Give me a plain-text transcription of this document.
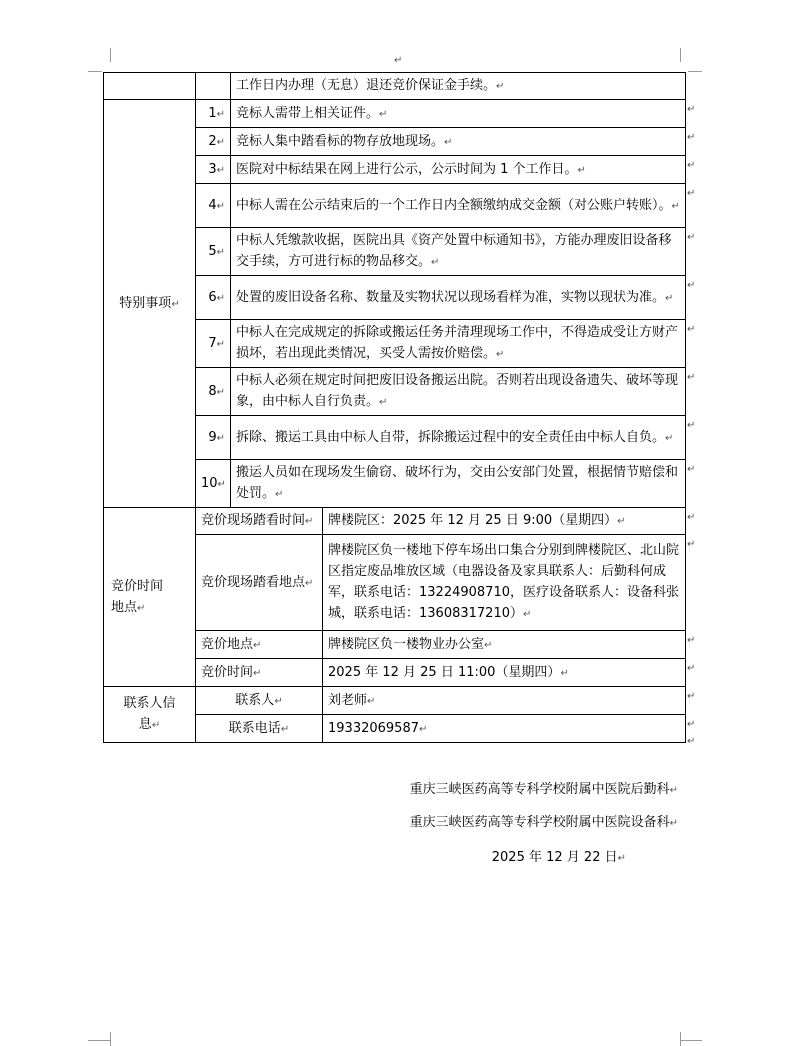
↵
		工作日内办理（无息）退还竞价保证金手续。↵	
特别事项↵	1↵	竞标人需带上相关证件。↵	
	2↵	竞标人集中踏看标的物存放地现场。↵	
	3↵	医院对中标结果在网上进行公示，公示时间为 1 个工作日。↵	
	4↵	中标人需在公示结束后的一个工作日内全额缴纳成交金额（对公账户转账）。↵	
	5↵	中标人凭缴款收据，医院出具《资产处置中标通知书》，方能办理废旧设备移交手续，方可进行标的物品移交。↵	
	6↵	处置的废旧设备名称、数量及实物状况以现场看样为准，实物以现状为准。↵	
	7↵	中标人在完成规定的拆除或搬运任务并清理现场工作中，不得造成受让方财产损坏，若出现此类情况，买受人需按价赔偿。↵	
	8↵	中标人必须在规定时间把废旧设备搬运出院。否则若出现设备遗失、破坏等现象，由中标人自行负责。↵	
	9↵	拆除、搬运工具由中标人自带，拆除搬运过程中的安全责任由中标人自负。↵	
	10↵	搬运人员如在现场发生偷窃、破坏行为，交由公安部门处置，根据情节赔偿和处罚。↵	

竞价时间地点↵	竞价现场踏看时间↵		牌楼院区：2025 年 12 月 25 日 9:00（星期四）↵
	竞价现场踏看地点↵		牌楼院区负一楼地下停车场出口集合分别到牌楼院区、北山院区指定废品堆放区域（电器设备及家具联系人：后勤科何成军，联系电话：13224908710，医疗设备联系人：设备科张城，联系电话：13608317210）↵
	竞价地点↵		牌楼院区负一楼物业办公室↵
	竞价时间↵		2025 年 12 月 25 日 11:00（星期四）↵

联系人信息↵	联系人↵		刘老师↵
	联系电话↵		19332069587↵
↵
↵
↵
↵
↵
↵
↵
↵
↵
↵
↵
↵
↵
↵
↵
↵
↵
重庆三峡医药高等专科学校附属中医院后勤科↵
重庆三峡医药高等专科学校附属中医院设备科↵
2025 年 12 月 22 日↵
